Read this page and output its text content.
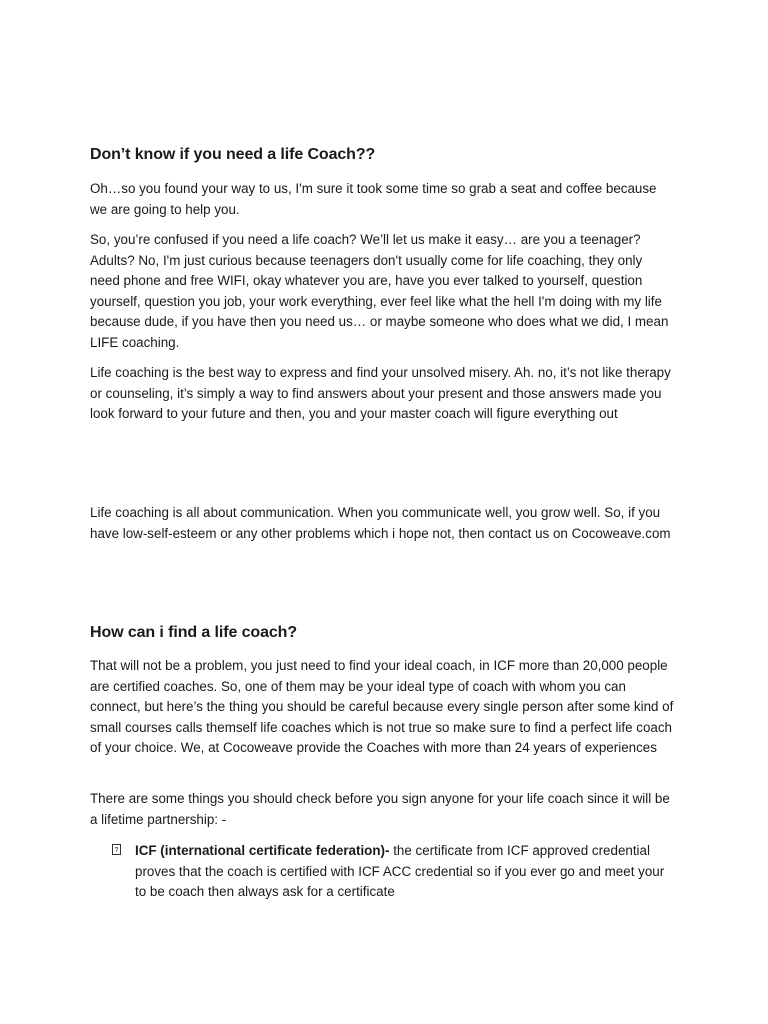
Don’t know if you need a life Coach??

Oh…so you found your way to us, I'm sure it took some time so grab a seat and coffee because we are going to help you.

So, you’re confused if you need a life coach? We’ll let us make it easy… are you a teenager? Adults? No, I'm just curious because teenagers don't usually come for life coaching, they only need phone and free WIFI, okay whatever you are, have you ever talked to yourself, question yourself, question you job, your work everything, ever feel like what the hell I'm doing with my life because dude, if you have then you need us… or maybe someone who does what we did, I mean LIFE coaching.

Life coaching is the best way to express and find your unsolved misery. Ah. no, it’s not like therapy or counseling, it’s simply a way to find answers about your present and those answers made you look forward to your future and then, you and your master coach will figure everything out

Life coaching is all about communication. When you communicate well, you grow well. So, if you have low-self-esteem or any other problems which i hope not, then contact us on Cocoweave.com

How can i find a life coach?

That will not be a problem, you just need to find your ideal coach, in ICF more than 20,000 people are certified coaches. So, one of them may be your ideal type of coach with whom you can connect, but here’s the thing you should be careful because every single person after some kind of small courses calls themself life coaches which is not true so make sure to find a perfect life coach of your choice. We, at Cocoweave provide the Coaches with more than 24 years of experiences

There are some things you should check before you sign anyone for your life coach since it will be a lifetime partnership: -

? ICF (international certificate federation)- the certificate from ICF approved credential proves that the coach is certified with ICF ACC credential so if you ever go and meet your to be coach then always ask for a certificate
